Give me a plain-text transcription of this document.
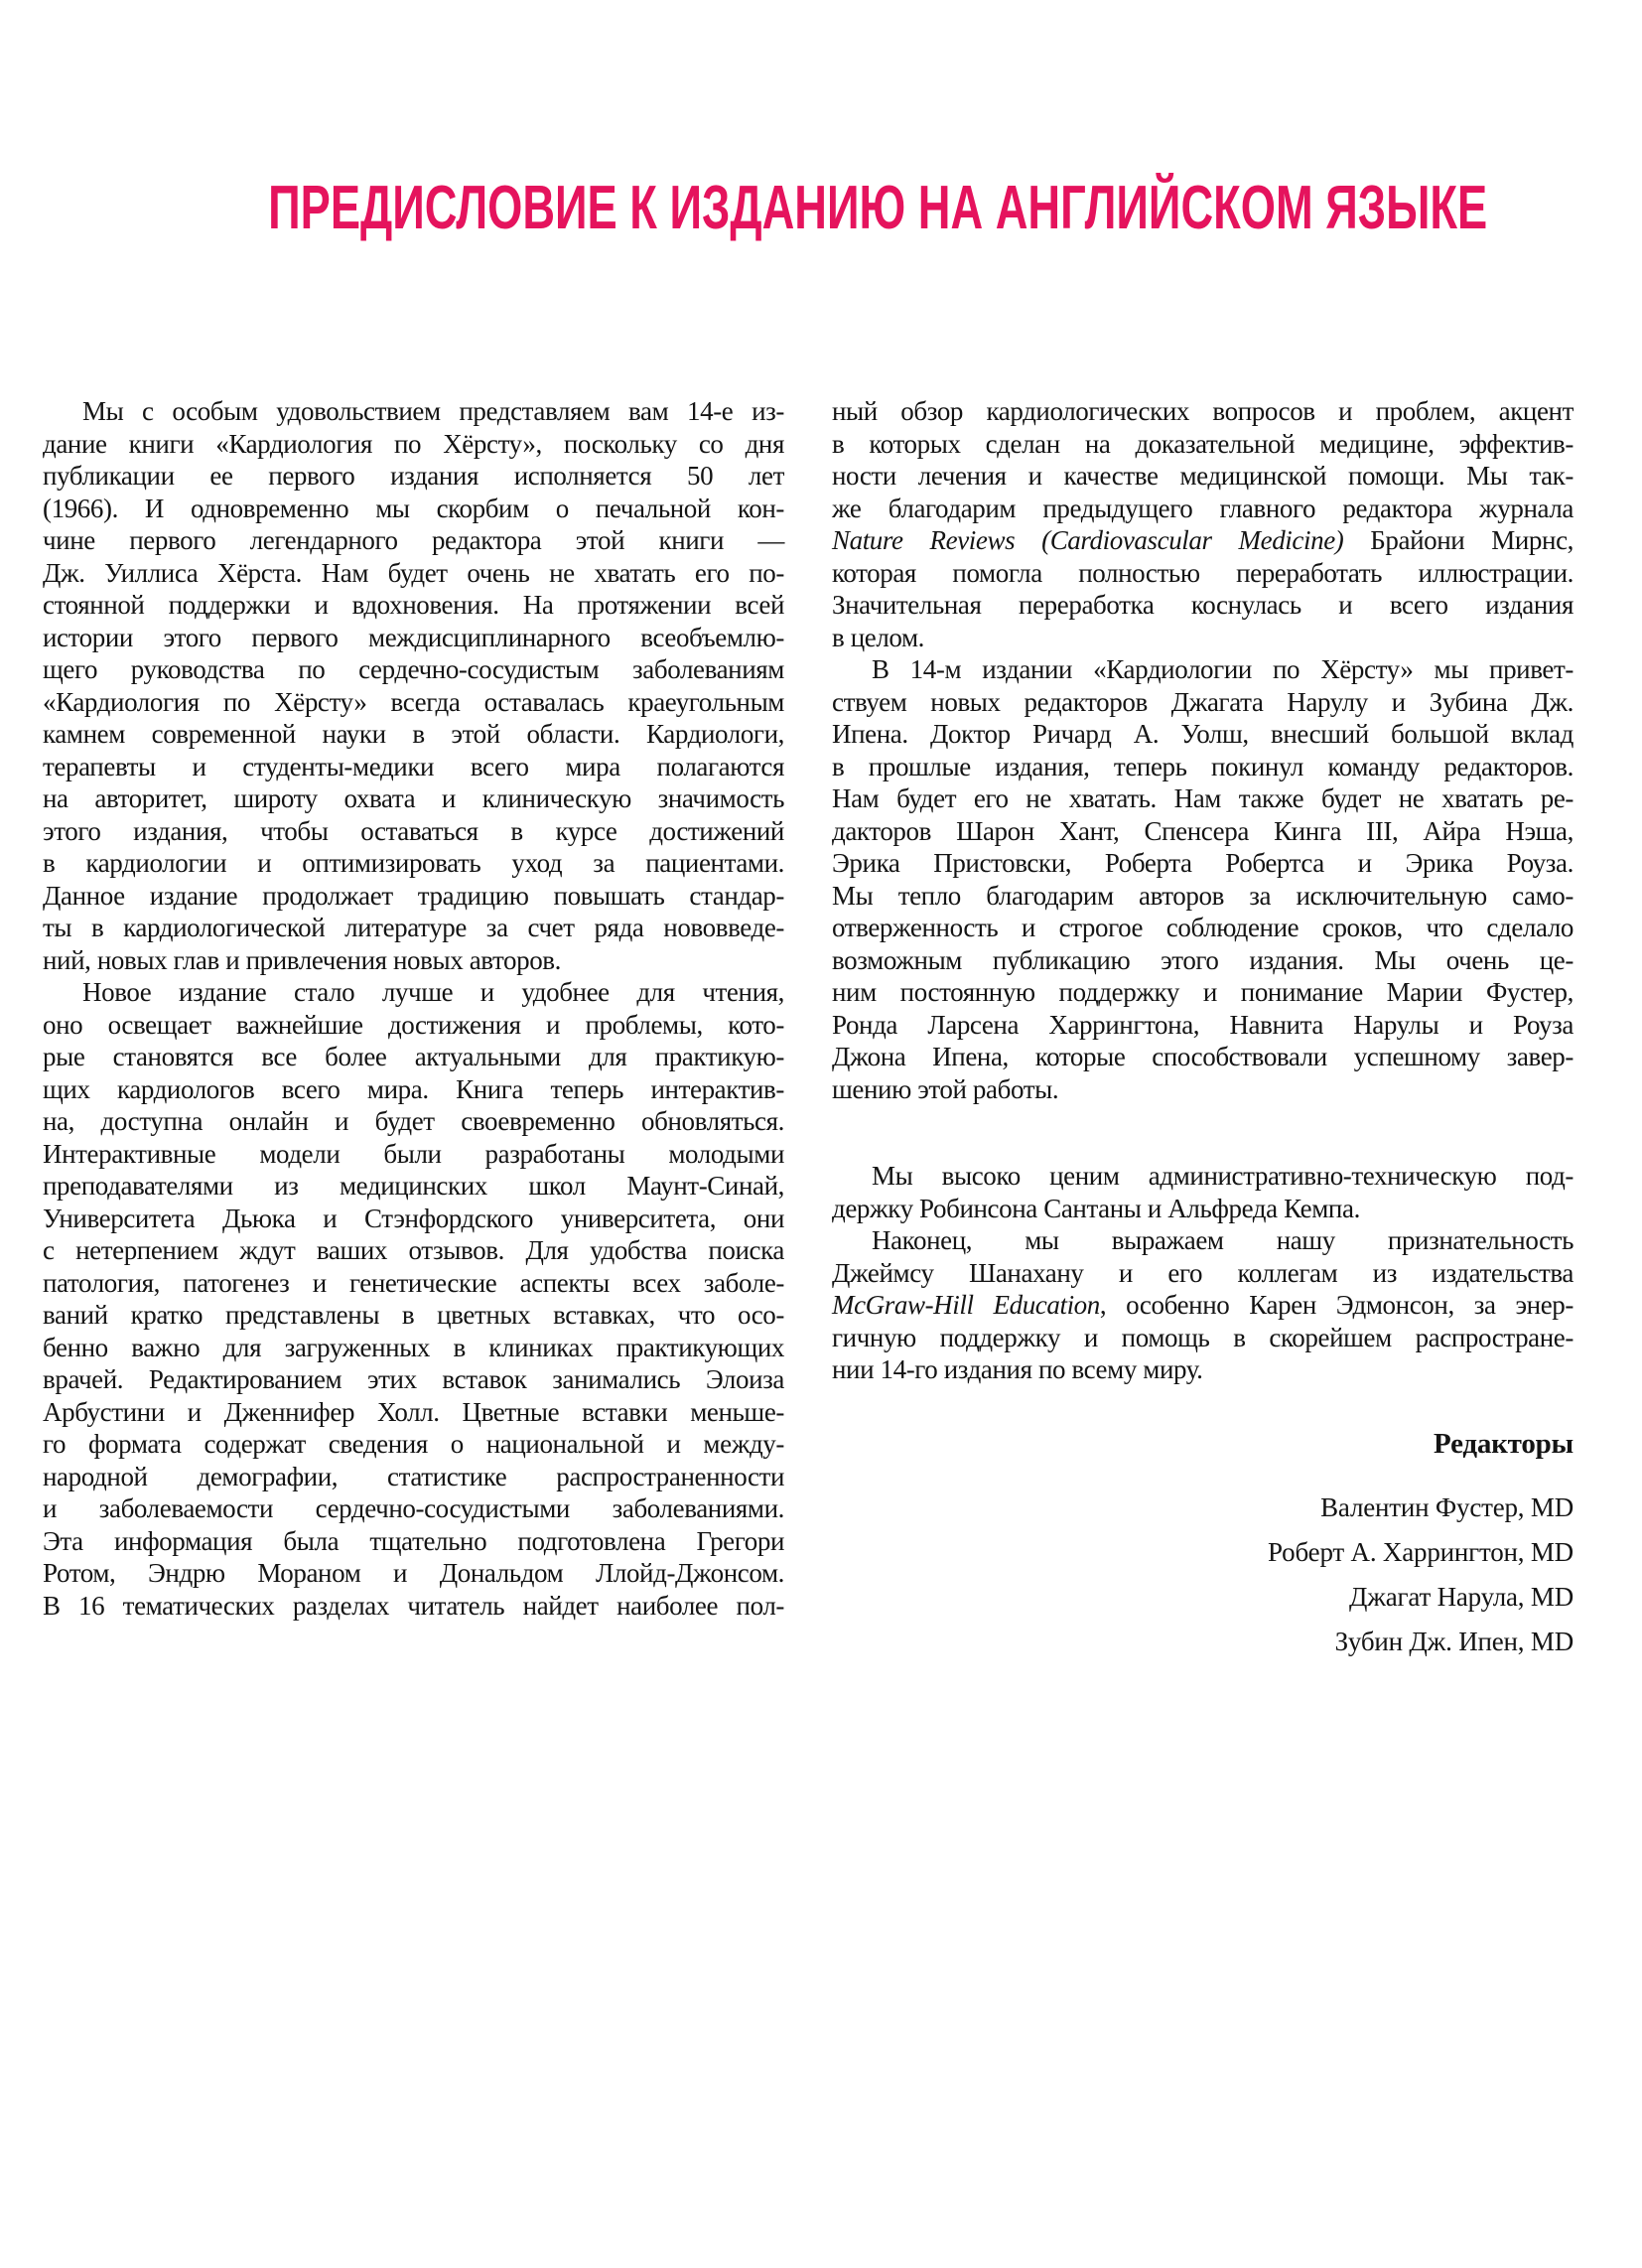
ПРЕДИСЛОВИЕ К ИЗДАНИЮ НА АНГЛИЙСКОМ ЯЗЫКЕ
Мы с особым удовольствием представляем вам 14-е из-
дание книги «Кардиология по Хёрсту», поскольку со дня
публикации ее первого издания исполняется 50 лет
(1966). И одновременно мы скорбим о печальной кон-
чине первого легендарного редактора этой книги —
Дж. Уиллиса Хёрста. Нам будет очень не хватать его по-
стоянной поддержки и вдохновения. На протяжении всей
истории этого первого междисциплинарного всеобъемлю-
щего руководства по сердечно-сосудистым заболеваниям
«Кардиология по Хёрсту» всегда оставалась краеугольным
камнем современной науки в этой области. Кардиологи,
терапевты и студенты-медики всего мира полагаются
на авторитет, широту охвата и клиническую значимость
этого издания, чтобы оставаться в курсе достижений
в кардиологии и оптимизировать уход за пациентами.
Данное издание продолжает традицию повышать стандар-
ты в кардиологической литературе за счет ряда нововведе-
ний, новых глав и привлечения новых авторов.
Новое издание стало лучше и удобнее для чтения,
оно освещает важнейшие достижения и проблемы, кото-
рые становятся все более актуальными для практикую-
щих кардиологов всего мира. Книга теперь интерактив-
на, доступна онлайн и будет своевременно обновляться.
Интерактивные модели были разработаны молодыми
преподавателями из медицинских школ Маунт-Синай,
Университета Дьюка и Стэнфордского университета, они
с нетерпением ждут ваших отзывов. Для удобства поиска
патология, патогенез и генетические аспекты всех заболе-
ваний кратко представлены в цветных вставках, что осо-
бенно важно для загруженных в клиниках практикующих
врачей. Редактированием этих вставок занимались Элоиза
Арбустини и Дженнифер Холл. Цветные вставки меньше-
го формата содержат сведения о национальной и между-
народной демографии, статистике распространенности
и заболеваемости сердечно-сосудистыми заболеваниями.
Эта информация была тщательно подготовлена Грегори
Ротом, Эндрю Мораном и Дональдом Ллойд-Джонсом.
В 16 тематических разделах читатель найдет наиболее пол-
ный обзор кардиологических вопросов и проблем, акцент
в которых сделан на доказательной медицине, эффектив-
ности лечения и качестве медицинской помощи. Мы так-
же благодарим предыдущего главного редактора журнала
Nature Reviews (Cardiovascular Medicine) Брайони Мирнс,
которая помогла полностью переработать иллюстрации.
Значительная переработка коснулась и всего издания
в целом.
В 14-м издании «Кардиологии по Хёрсту» мы привет-
ствуем новых редакторов Джагата Нарулу и Зубина Дж.
Ипена. Доктор Ричард А. Уолш, внесший большой вклад
в прошлые издания, теперь покинул команду редакторов.
Нам будет его не хватать. Нам также будет не хватать ре-
дакторов Шарон Хант, Спенсера Кинга III, Айра Нэша,
Эрика Пристовски, Роберта Робертса и Эрика Роуза.
Мы тепло благодарим авторов за исключительную само-
отверженность и строгое соблюдение сроков, что сделало
возможным публикацию этого издания. Мы очень це-
ним постоянную поддержку и понимание Марии Фустер,
Ронда Ларсена Харрингтона, Навнита Нарулы и Роуза
Джона Ипена, которые способствовали успешному завер-
шению этой работы.
Мы высоко ценим административно-техническую под-
держку Робинсона Сантаны и Альфреда Кемпа.
Наконец, мы выражаем нашу признательность
Джеймсу Шанахану и его коллегам из издательства
McGraw-Hill Education, особенно Карен Эдмонсон, за энер-
гичную поддержку и помощь в скорейшем распростране-
нии 14-го издания по всему миру.
Редакторы
Валентин Фустер, MD
Роберт А. Харрингтон, MD
Джагат Нарула, MD
Зубин Дж. Ипен, MD
